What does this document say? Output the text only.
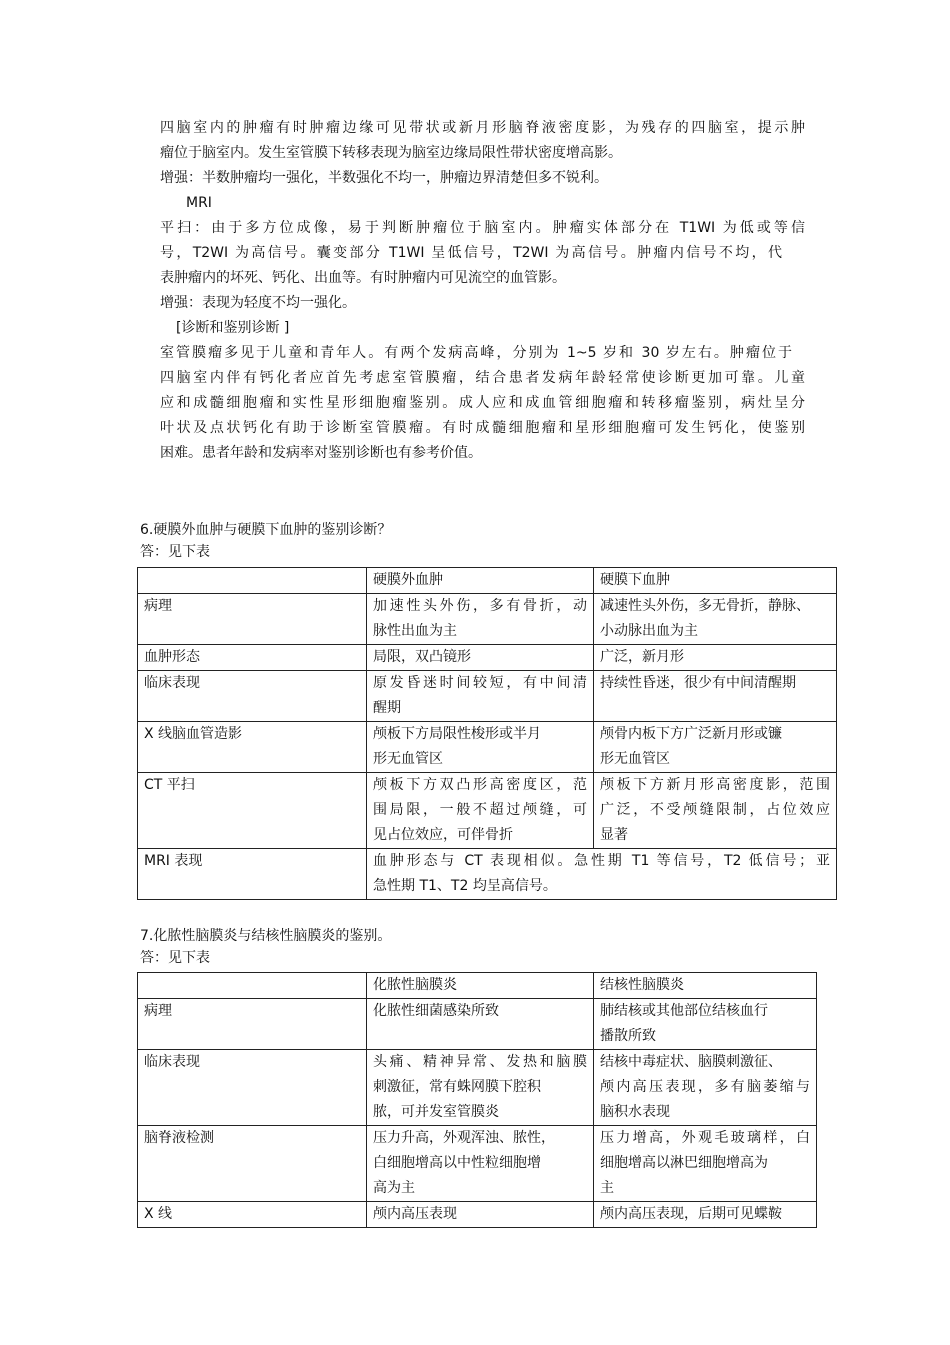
四脑室内的肿瘤有时肿瘤边缘可见带状或新月形脑脊液密度影，为残存的四脑室，提示肿
瘤位于脑室内。发生室管膜下转移表现为脑室边缘局限性带状密度增高影。
增强：半数肿瘤均一强化，半数强化不均一，肿瘤边界清楚但多不锐利。
MRI
平扫：由于多方位成像，易于判断肿瘤位于脑室内。肿瘤实体部分在 T1WI 为低或等信
号，T2WI 为高信号。囊变部分 T1WI 呈低信号，T2WI 为高信号。肿瘤内信号不均，代
表肿瘤内的坏死、钙化、出血等。有时肿瘤内可见流空的血管影。
增强：表现为轻度不均一强化。
[诊断和鉴别诊断 ]
室管膜瘤多见于儿童和青年人。有两个发病高峰，分别为 1~5 岁和 30 岁左右。肿瘤位于
四脑室内伴有钙化者应首先考虑室管膜瘤，结合患者发病年龄轻常使诊断更加可靠。儿童
应和成髓细胞瘤和实性星形细胞瘤鉴别。成人应和成血管细胞瘤和转移瘤鉴别，病灶呈分
叶状及点状钙化有助于诊断室管膜瘤。有时成髓细胞瘤和星形细胞瘤可发生钙化，使鉴别
困难。患者年龄和发病率对鉴别诊断也有参考价值。
6.硬膜外血肿与硬膜下血肿的鉴别诊断？
答：见下表
	硬膜外血肿	硬膜下血肿
病理	加速性头外伤，多有骨折，动
脉性出血为主	减速性头外伤，多无骨折，静脉、
小动脉出血为主

血肿形态	局限，双凸镜形	广泛，新月形

临床表现	原发昏迷时间较短，有中间清
醒期	持续性昏迷，很少有中间清醒期

X 线脑血管造影	颅板下方局限性梭形或半月
形无血管区	颅骨内板下方广泛新月形或镰
形无血管区

CT 平扫	颅板下方双凸形高密度区，范
围局限，一般不超过颅缝，可
见占位效应，可伴骨折	颅板下方新月形高密度影，范围
广泛，不受颅缝限制，占位效应
显著

MRI 表现	血肿形态与 CT 表现相似。急性期 T1 等信号，T2 低信号；亚
急性期 T1、T2 均呈高信号。	
7.化脓性脑膜炎与结核性脑膜炎的鉴别。
答：见下表
	化脓性脑膜炎	结核性脑膜炎
病理	化脓性细菌感染所致	肺结核或其他部位结核血行
播散所致

临床表现	头痛、精神异常、发热和脑膜
刺激征，常有蛛网膜下腔积
脓，可并发室管膜炎	结核中毒症状、脑膜刺激征、
颅内高压表现，多有脑萎缩与
脑积水表现

脑脊液检测	压力升高，外观浑浊、脓性，
白细胞增高以中性粒细胞增
高为主	压力增高，外观毛玻璃样，白
细胞增高以淋巴细胞增高为
主

X 线	颅内高压表现	颅内高压表现，后期可见蝶鞍
